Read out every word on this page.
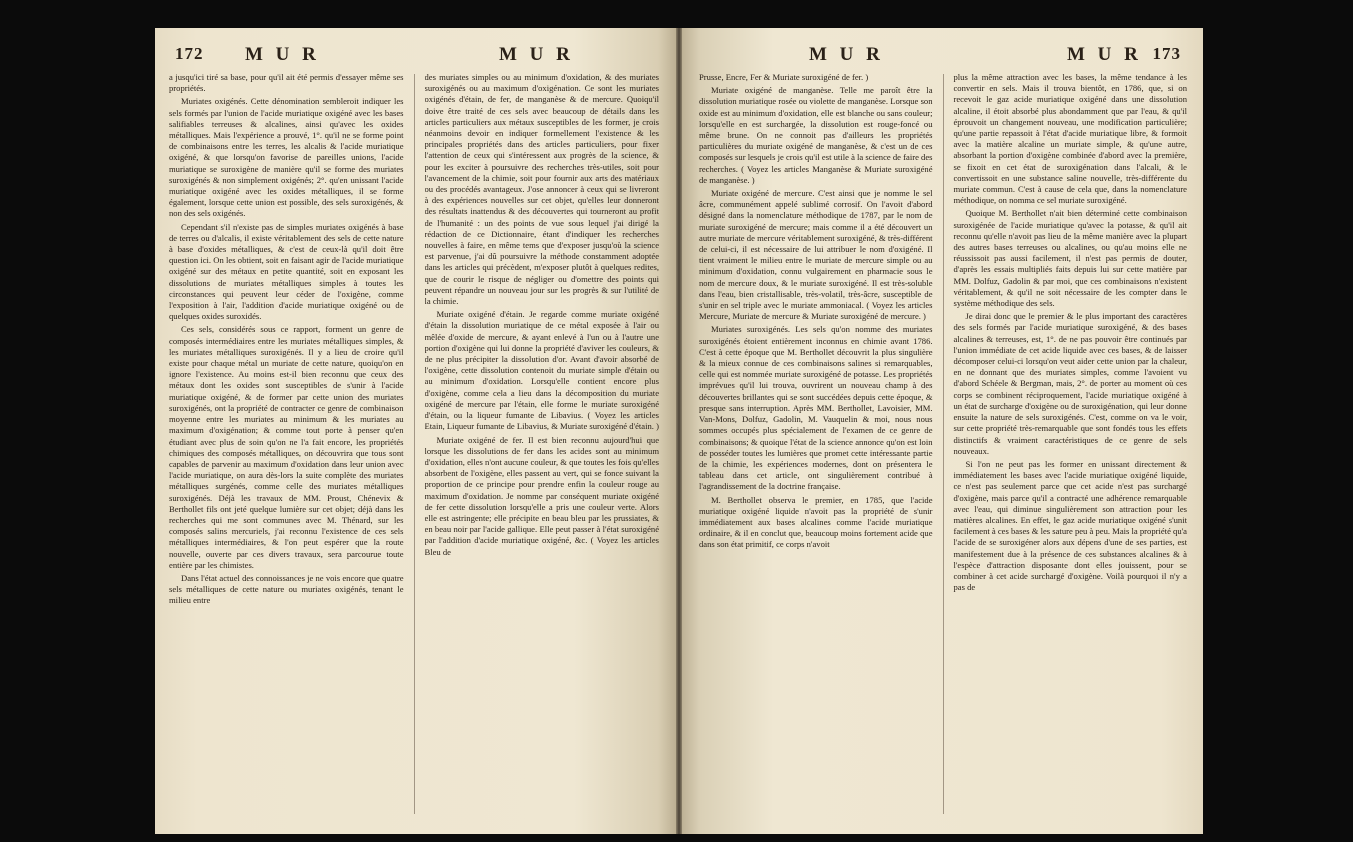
172 M U R	M U R

a jusqu'ici tiré sa base, pour qu'il ait été permis d'essayer même ses propriétés.

Muriates oxigénés. Cette dénomination sembleroit indiquer les sels formés par l'union de l'acide muriatique oxigéné avec les bases salifiables terreuses & alcalines, ainsi qu'avec les oxides métalliques. Mais l'expérience a prouvé, 1°. qu'il ne se forme point de combinaisons entre les terres, les alcalis & l'acide muriatique oxigéné, & que lorsqu'on favorise de pareilles unions, l'acide muriatique se suroxigène de manière qu'il se forme des muriates suroxigénés & non simplement oxigénés; 2°. qu'en unissant l'acide muriatique oxigéné avec les oxides métalliques, il se forme également, lorsque cette union est possible, des sels suroxigénés, & non des sels oxigénés.

Cependant s'il n'existe pas de simples muriates oxigénés à base de terres ou d'alcalis, il existe véritablement des sels de cette nature à base d'oxides métalliques, & c'est de ceux-là qu'il doit être question ici. On les obtient, soit en faisant agir de l'acide muriatique oxigéné sur des métaux en petite quantité, soit en exposant les dissolutions de muriates métalliques simples à toutes les circonstances qui peuvent leur céder de l'oxigène, comme l'exposition à l'air, l'addition d'acide muriatique oxigéné ou de quelques oxides suroxidés.

Ces sels, considérés sous ce rapport, forment un genre de composés intermédiaires entre les muriates métalliques simples, & les muriates métalliques suroxigénés. Il y a lieu de croire qu'il existe pour chaque métal un muriate de cette nature, quoiqu'on en ignore l'existence. Au moins est-il bien reconnu que ceux des métaux dont les oxides sont susceptibles de s'unir à l'acide muriatique oxigéné, & de former par cette union des muriates suroxigénés, ont la propriété de contracter ce genre de combinaison moyenne entre les muriates au minimum & les muriates au maximum d'oxigénation; & comme tout porte à penser qu'en étudiant avec plus de soin qu'on ne l'a fait encore, les propriétés chimiques des composés métalliques, on découvrira que tous sont capables de parvenir au maximum d'oxidation dans leur union avec l'acide muriatique, on aura dès-lors la suite complète des muriates métalliques surgénés, comme celle des muriates métalliques suroxigénés. Déjà les travaux de MM. Proust, Chénevix & Berthollet fils ont jeté quelque lumière sur cet objet; déjà dans les recherches qui me sont communes avec M. Thénard, sur les composés salins mercuriels, j'ai reconnu l'existence de ces sels métalliques intermédiaires, & l'on peut espérer que la route nouvelle, ouverte par ces divers travaux, sera parcourue toute entière par les chimistes.

Dans l'état actuel des connoissances je ne vois encore que quatre sels métalliques de cette nature ou muriates oxigénés, tenant le milieu entre

des muriates simples ou au minimum d'oxidation, & des muriates suroxigénés ou au maximum d'oxigénation. Ce sont les muriates oxigénés d'étain, de fer, de manganèse & de mercure. Quoiqu'il doive être traité de ces sels avec beaucoup de détails dans les articles particuliers aux métaux susceptibles de les former, je crois néanmoins devoir en indiquer formellement l'existence & les principales propriétés dans des articles particuliers, pour fixer l'attention de ceux qui s'intéressent aux progrès de la science, & pour les exciter à poursuivre des recherches très-utiles, soit pour l'avancement de la chimie, soit pour fournir aux arts des matériaux ou des procédés avantageux. J'ose annoncer à ceux qui se livreront à des expériences nouvelles sur cet objet, qu'elles leur donneront des résultats inattendus & des découvertes qui tourneront au profit de l'humanité : un des points de vue sous lequel j'ai dirigé la rédaction de ce Dictionnaire, étant d'indiquer les recherches nouvelles à faire, en même tems que d'exposer jusqu'où la science est parvenue, j'ai dû poursuivre la méthode constamment adoptée dans les articles qui précèdent, m'exposer plutôt à quelques redites, que de courir le risque de négliger ou d'omettre des points qui peuvent répandre un nouveau jour sur les progrès & sur l'utilité de la chimie.

Muriate oxigéné d'étain. Je regarde comme muriate oxigéné d'étain la dissolution muriatique de ce métal exposée à l'air ou mêlée d'oxide de mercure, & ayant enlevé à l'un ou à l'autre une portion d'oxigène qui lui donne la propriété d'aviver les couleurs, & de ne plus précipiter la dissolution d'or. Avant d'avoir absorbé de l'oxigène, cette dissolution contenoit du muriate simple d'étain ou au minimum d'oxidation. Lorsqu'elle contient encore plus d'oxigène, comme cela a lieu dans la décomposition du muriate oxigéné de mercure par l'étain, elle forme le muriate suroxigéné d'étain, ou la liqueur fumante de Libavius. ( Voyez les articles Etain, Liqueur fumante de Libavius, & Muriate suroxigéné d'étain. )

Muriate oxigéné de fer. Il est bien reconnu aujourd'hui que lorsque les dissolutions de fer dans les acides sont au minimum d'oxidation, elles n'ont aucune couleur, & que toutes les fois qu'elles absorbent de l'oxigène, elles passent au vert, qui se fonce suivant la proportion de ce principe pour prendre enfin la couleur rouge au maximum d'oxidation. Je nomme par conséquent muriate oxigéné de fer cette dissolution lorsqu'elle a pris une couleur verte. Alors elle est astringente; elle précipite en beau bleu par les prussiates, & en beau noir par l'acide gallique. Elle peut passer à l'état suroxigéné par l'addition d'acide muriatique oxigéné, &c. ( Voyez les articles Bleu de

M U R	M U R 173

Prusse, Encre, Fer & Muriate suroxigéné de fer. )

Muriate oxigéné de manganèse. Telle me paroît être la dissolution muriatique rosée ou violette de manganèse. Lorsque son oxide est au minimum d'oxidation, elle est blanche ou sans couleur; lorsqu'elle en est surchargée, la dissolution est rouge-foncé ou même brune. On ne connoit pas d'ailleurs les propriétés particulières du muriate oxigéné de manganèse, & c'est un de ces composés sur lesquels je crois qu'il est utile à la science de faire des recherches. ( Voyez les articles Manganèse & Muriate suroxigéné de manganèse. )

Muriate oxigéné de mercure. C'est ainsi que je nomme le sel âcre, communément appelé sublimé corrosif. On l'avoit d'abord désigné dans la nomenclature méthodique de 1787, par le nom de muriate suroxigéné de mercure; mais comme il a été découvert un autre muriate de mercure véritablement suroxigéné, & très-différent de celui-ci, il est nécessaire de lui attribuer le nom d'oxigéné. Il tient vraiment le milieu entre le muriate de mercure simple ou au minimum d'oxidation, connu vulgairement en pharmacie sous le nom de mercure doux, & le muriate suroxigéné. Il est très-soluble dans l'eau, bien cristallisable, très-volatil, très-âcre, susceptible de s'unir en sel triple avec le muriate ammoniacal. ( Voyez les articles Mercure, Muriate de mercure & Muriate suroxigéné de mercure. )

Muriates suroxigénés. Les sels qu'on nomme des muriates suroxigénés étoient entièrement inconnus en chimie avant 1786. C'est à cette époque que M. Berthollet découvrit la plus singulière & la mieux connue de ces combinaisons salines si remarquables, celle qui est nommée muriate suroxigéné de potasse. Les propriétés imprévues qu'il lui trouva, ouvrirent un nouveau champ à des découvertes brillantes qui se sont succédées depuis cette époque, & presque sans interruption. Après MM. Berthollet, Lavoisier, MM. Van-Mons, Dolfuz, Gadolin, M. Vauquelin & moi, nous nous sommes occupés plus spécialement de l'examen de ce genre de combinaisons; & quoique l'état de la science annonce qu'on est loin de posséder toutes les lumières que promet cette intéressante partie de la chimie, les expériences modernes, dont on présentera le tableau dans cet article, ont singulièrement contribué à l'agrandissement de la doctrine française.

M. Berthollet observa le premier, en 1785, que l'acide muriatique oxigéné liquide n'avoit pas la propriété de s'unir immédiatement aux bases alcalines comme l'acide muriatique ordinaire, & il en conclut que, beaucoup moins fortement acide que dans son état primitif, ce corps n'avoit

plus la même attraction avec les bases, la même tendance à les convertir en sels. Mais il trouva bientôt, en 1786, que, si on recevoit le gaz acide muriatique oxigéné dans une dissolution alcaline, il étoit absorbé plus abondamment que par l'eau, & qu'il éprouvoit un changement nouveau, une modification particulière; qu'une partie repassoit à l'état d'acide muriatique libre, & formoit avec la matière alcaline un muriate simple, & qu'une autre, absorbant la portion d'oxigène combinée d'abord avec la première, se fixoit en cet état de suroxigénation dans l'alcali, & le convertissoit en une substance saline nouvelle, très-différente du muriate commun. C'est à cause de cela que, dans la nomenclature méthodique, on nomma ce sel muriate suroxigéné.

Quoique M. Berthollet n'ait bien déterminé cette combinaison suroxigénée de l'acide muriatique qu'avec la potasse, & qu'il ait reconnu qu'elle n'avoit pas lieu de la même manière avec la plupart des autres bases terreuses ou alcalines, ou qu'au moins elle ne réussissoit pas aussi facilement, il n'est pas permis de douter, d'après les essais multipliés faits depuis lui sur cette matière par MM. Dolfuz, Gadolin & par moi, que ces combinaisons n'existent véritablement, & qu'il ne soit nécessaire de les compter dans le système méthodique des sels.

Je dirai donc que le premier & le plus important des caractères des sels formés par l'acide muriatique suroxigéné, & des bases alcalines & terreuses, est, 1°. de ne pas pouvoir être continués par l'union immédiate de cet acide liquide avec ces bases, & de laisser décomposer celui-ci lorsqu'on veut aider cette union par la chaleur, en ne donnant que des muriates simples, comme l'avoient vu d'abord Schéele & Bergman, mais, 2°. de porter au moment où ces corps se combinent réciproquement, l'acide muriatique oxigéné à un état de surcharge d'oxigène ou de suroxigénation, qui leur donne ensuite la nature de sels suroxigénés. C'est, comme on va le voir, sur cette propriété très-remarquable que sont fondés tous les effets distinctifs & vraiment caractéristiques de ce genre de sels nouveaux.

Si l'on ne peut pas les former en unissant directement & immédiatement les bases avec l'acide muriatique oxigéné liquide, ce n'est pas seulement parce que cet acide n'est pas surchargé d'oxigène, mais parce qu'il a contracté une adhérence remarquable avec l'eau, qui diminue singulièrement son attraction pour les matières alcalines. En effet, le gaz acide muriatique oxigéné s'unit facilement à ces bases & les sature peu à peu. Mais la propriété qu'a l'acide de se suroxigéner alors aux dépens d'une de ses parties, est manifestement due à la présence de ces substances alcalines & à l'espèce d'attraction disposante dont elles jouissent, pour se combiner à cet acide surchargé d'oxigène. Voilà pourquoi il n'y a pas de
